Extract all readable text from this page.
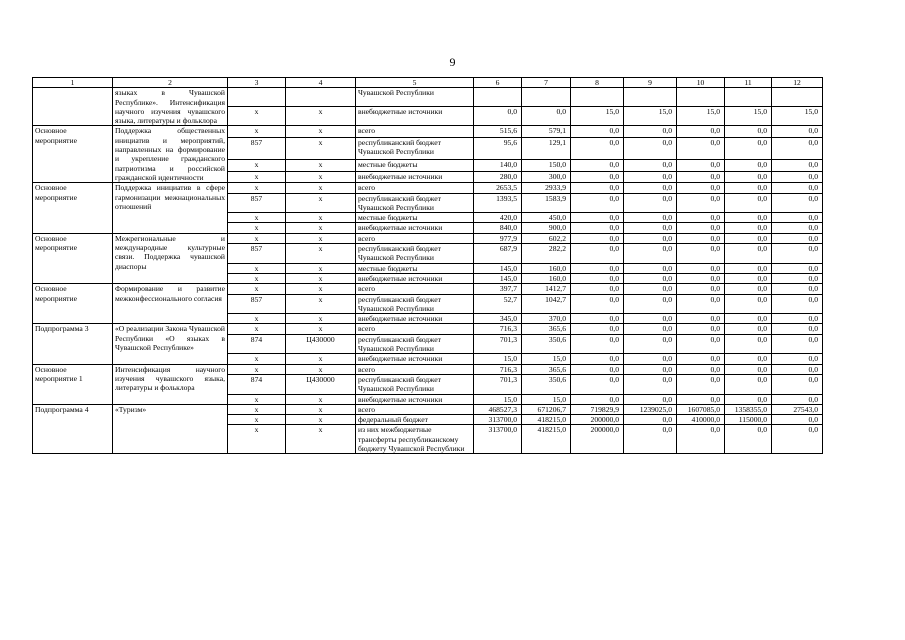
9
1	2	3	4	5	6	7	8	9	10	11	12
	языках в Чувашской Республике». Интенсификация научного изучения чувашского языка, литературы и фольклора			Чувашской Республики							
		х	х	внебюджетные источники	0,0	0,0	15,0	15,0	15,0	15,0	15,0
Основное мероприятие	Поддержка общественных инициатив и мероприятий, направленных на формирование и укрепление гражданского патриотизма и российской гражданской идентичности	х	х	всего	515,6	579,1	0,0	0,0	0,0	0,0	0,0
		857	х	республиканский бюджет Чувашской Республики	95,6	129,1	0,0	0,0	0,0	0,0	0,0
		х	х	местные бюджеты	140,0	150,0	0,0	0,0	0,0	0,0	0,0
		х	х	внебюджетные источники	280,0	300,0	0,0	0,0	0,0	0,0	0,0
Основное мероприятие	Поддержка инициатив в сфере гармонизации межнациональных отношений	х	х	всего	2653,5	2933,9	0,0	0,0	0,0	0,0	0,0
		857	х	республиканский бюджет Чувашской Республики	1393,5	1583,9	0,0	0,0	0,0	0,0	0,0
		х	х	местные бюджеты	420,0	450,0	0,0	0,0	0,0	0,0	0,0
		х	х	внебюджетные источники	840,0	900,0	0,0	0,0	0,0	0,0	0,0
Основное мероприятие	Межрегиональные и международные культурные связи. Поддержка чувашской диаспоры	х	х	всего	977,9	602,2	0,0	0,0	0,0	0,0	0,0
		857	х	республиканский бюджет Чувашской Республики	687,9	282,2	0,0	0,0	0,0	0,0	0,0
		х	х	местные бюджеты	145,0	160,0	0,0	0,0	0,0	0,0	0,0
		х	х	внебюджетные источники	145,0	160,0	0,0	0,0	0,0	0,0	0,0
Основное мероприятие	Формирование и развитие межконфессионального согласия	х	х	всего	397,7	1412,7	0,0	0,0	0,0	0,0	0,0
		857	х	республиканский бюджет Чувашской Республики	52,7	1042,7	0,0	0,0	0,0	0,0	0,0
		х	х	внебюджетные источники	345,0	370,0	0,0	0,0	0,0	0,0	0,0
Подпрограмма 3	«О реализации Закона Чувашской Республики «О языках в Чувашской Республике»	х	х	всего	716,3	365,6	0,0	0,0	0,0	0,0	0,0
		874	Ц430000	республиканский бюджет Чувашской Республики	701,3	350,6	0,0	0,0	0,0	0,0	0,0
		х	х	внебюджетные источники	15,0	15,0	0,0	0,0	0,0	0,0	0,0
Основное мероприятие 1	Интенсификация научного изучения чувашского языка, литературы и фольклора	х	х	всего	716,3	365,6	0,0	0,0	0,0	0,0	0,0
		874	Ц430000	республиканский бюджет Чувашской Республики	701,3	350,6	0,0	0,0	0,0	0,0	0,0
		х	х	внебюджетные источники	15,0	15,0	0,0	0,0	0,0	0,0	0,0
Подпрограмма 4	«Туризм»	х	х	всего	468527,3	671206,7	719829,9	1239025,0	1607085,0	1358355,0	27543,0
		х	х	федеральный бюджет	313700,0	418215,0	200000,0	0,0	410000,0	115000,0	0,0
		х	х	из них межбюджетные трансферты республиканскому бюджету Чувашской Республики	313700,0	418215,0	200000,0	0,0	0,0	0,0	0,0
